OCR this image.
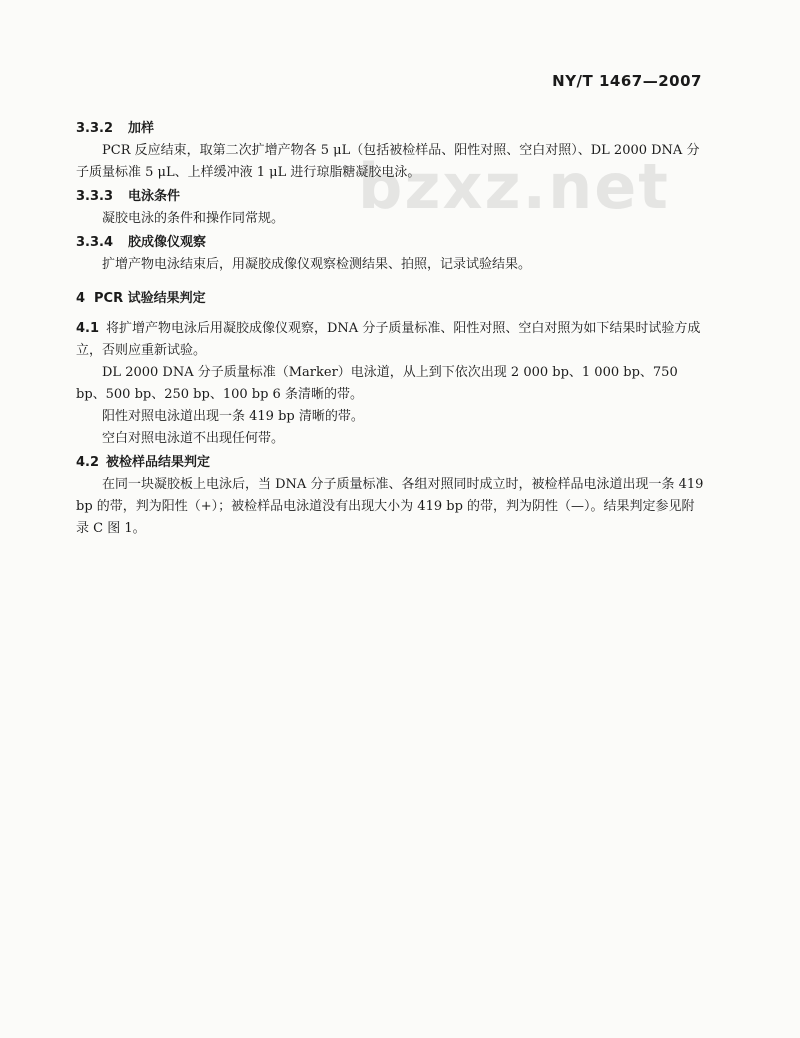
NY/T 1467—2007
bzxz.net
3.3.2 加样

PCR 反应结束，取第二次扩增产物各 5 μL（包括被检样品、阳性对照、空白对照）、DL 2000 DNA 分子质量标准 5 μL、上样缓冲液 1 μL 进行琼脂糖凝胶电泳。

3.3.3 电泳条件

凝胶电泳的条件和操作同常规。

3.3.4 胶成像仪观察

扩增产物电泳结束后，用凝胶成像仪观察检测结果、拍照，记录试验结果。

4 PCR 试验结果判定

4.1 将扩增产物电泳后用凝胶成像仪观察，DNA 分子质量标准、阳性对照、空白对照为如下结果时试验方成立，否则应重新试验。

DL 2000 DNA 分子质量标准（Marker）电泳道，从上到下依次出现 2 000 bp、1 000 bp、750 bp、500 bp、250 bp、100 bp 6 条清晰的带。

阳性对照电泳道出现一条 419 bp 清晰的带。

空白对照电泳道不出现任何带。

4.2 被检样品结果判定

在同一块凝胶板上电泳后，当 DNA 分子质量标准、各组对照同时成立时，被检样品电泳道出现一条 419 bp 的带，判为阳性（+）；被检样品电泳道没有出现大小为 419 bp 的带，判为阴性（—）。结果判定参见附录 C 图 1。
